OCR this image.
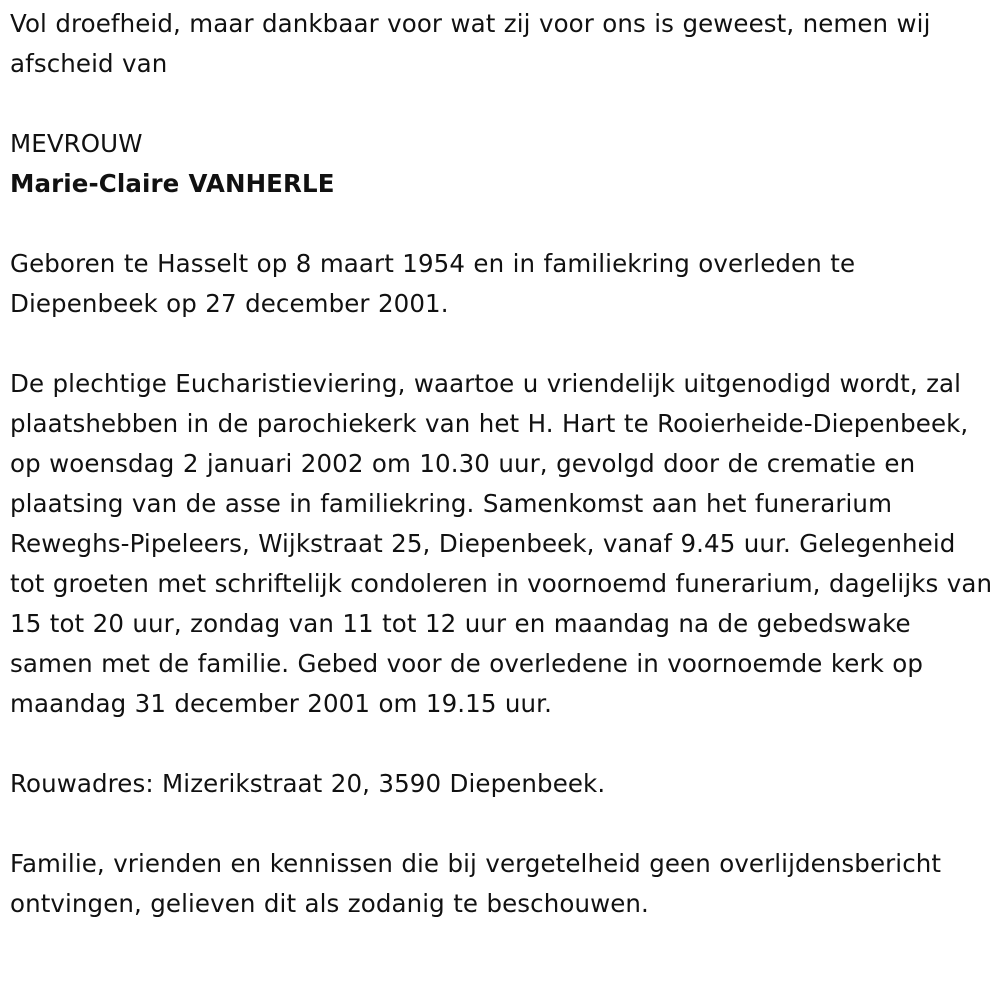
Vol droefheid, maar dankbaar voor wat zij voor ons is geweest, nemen wij afscheid van

MEVROUW

Marie-Claire VANHERLE

Geboren te Hasselt op 8 maart 1954 en in familiekring overleden te Diepenbeek op 27 december 2001.

De plechtige Eucharistieviering, waartoe u vriendelijk uitgenodigd wordt, zal plaatshebben in de parochiekerk van het H. Hart te Rooierheide-Diepenbeek, op woensdag 2 januari 2002 om 10.30 uur, gevolgd door de crematie en plaatsing van de asse in familiekring. Samenkomst aan het funerarium Reweghs-Pipeleers, Wijkstraat 25, Diepenbeek, vanaf 9.45 uur. Gelegenheid tot groeten met schriftelijk condoleren in voornoemd funerarium, dagelijks van 15 tot 20 uur, zondag van 11 tot 12 uur en maandag na de gebedswake samen met de familie. Gebed voor de overledene in voornoemde kerk op maandag 31 december 2001 om 19.15 uur.

Rouwadres: Mizerikstraat 20, 3590 Diepenbeek.

Familie, vrienden en kennissen die bij vergetelheid geen overlijdensbericht ontvingen, gelieven dit als zodanig te beschouwen.
